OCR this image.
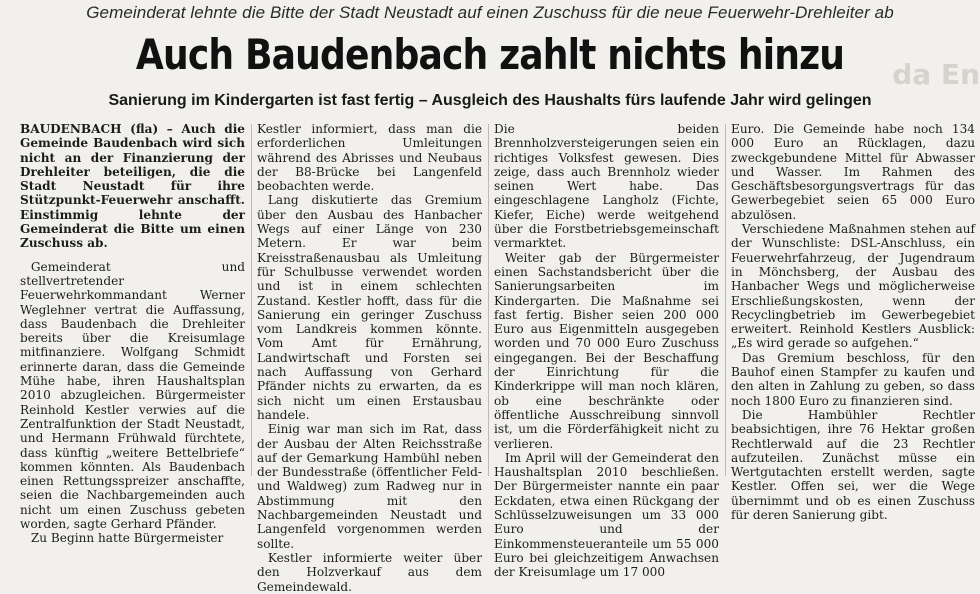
Gemeinderat lehnte die Bitte der Stadt Neustadt auf einen Zuschuss für die neue Feuerwehr-Drehleiter ab
da En
Auch Baudenbach zahlt nichts hinzu
Sanierung im Kindergarten ist fast fertig – Ausgleich des Haushalts fürs laufende Jahr wird gelingen

BAUDENBACH (fla) – Auch die Gemeinde Baudenbach wird sich nicht an der Finanzierung der Drehleiter beteiligen, die die Stadt Neustadt für ihre Stützpunkt-Feuerwehr anschafft. Einstimmig lehnte der Gemeinderat die Bitte um einen Zuschuss ab.

Gemeinderat und stellvertretender Feuerwehrkommandant Werner Weglehner vertrat die Auffassung, dass Baudenbach die Drehleiter bereits über die Kreisumlage mitfinanziere. Wolfgang Schmidt erinnerte daran, dass die Gemeinde Mühe habe, ihren Haushaltsplan 2010 abzugleichen. Bürgermeister Reinhold Kestler verwies auf die Zentralfunktion der Stadt Neustadt, und Hermann Frühwald fürchtete, dass künftig „weitere Bettelbriefe“ kommen könnten. Als Baudenbach einen Rettungsspreizer anschaffte, seien die Nachbargemeinden auch nicht um einen Zuschuss gebeten worden, sagte Gerhard Pfänder.

Zu Beginn hatte Bürgermeister

Kestler informiert, dass man die erforderlichen Umleitungen während des Abrisses und Neubaus der B8-Brücke bei Langenfeld beobachten werde.

Lang diskutierte das Gremium über den Ausbau des Hanbacher Wegs auf einer Länge von 230 Metern. Er war beim Kreisstraßenausbau als Umleitung für Schulbusse verwendet worden und ist in einem schlechten Zustand. Kestler hofft, dass für die Sanierung ein geringer Zuschuss vom Landkreis kommen könnte. Vom Amt für Ernährung, Landwirtschaft und Forsten sei nach Auffassung von Gerhard Pfänder nichts zu erwarten, da es sich nicht um einen Erstausbau handele.

Einig war man sich im Rat, dass der Ausbau der Alten Reichsstraße auf der Gemarkung Hambühl neben der Bundesstraße (öffentlicher Feld- und Waldweg) zum Radweg nur in Abstimmung mit den Nachbargemeinden Neustadt und Langenfeld vorgenommen werden sollte.

Kestler informierte weiter über den Holzverkauf aus dem Gemeindewald.

Die beiden Brennholzversteigerungen seien ein richtiges Volksfest gewesen. Dies zeige, dass auch Brennholz wieder seinen Wert habe. Das eingeschlagene Langholz (Fichte, Kiefer, Eiche) werde weitgehend über die Forstbetriebsgemeinschaft vermarktet.

Weiter gab der Bürgermeister einen Sachstandsbericht über die Sanierungsarbeiten im Kindergarten. Die Maßnahme sei fast fertig. Bisher seien 200 000 Euro aus Eigenmitteln ausgegeben worden und 70 000 Euro Zuschuss eingegangen. Bei der Beschaffung der Einrichtung für die Kinderkrippe will man noch klären, ob eine beschränkte oder öffentliche Ausschreibung sinnvoll ist, um die Förderfähigkeit nicht zu verlieren.

Im April will der Gemeinderat den Haushaltsplan 2010 beschließen. Der Bürgermeister nannte ein paar Eckdaten, etwa einen Rückgang der Schlüsselzuweisungen um 33 000 Euro und der Einkommensteueranteile um 55 000 Euro bei gleichzeitigem Anwachsen der Kreisumlage um 17 000

Euro. Die Gemeinde habe noch 134 000 Euro an Rücklagen, dazu zweckgebundene Mittel für Abwasser und Wasser. Im Rahmen des Geschäftsbesorgungsvertrags für das Gewerbegebiet seien 65 000 Euro abzulösen.

Verschiedene Maßnahmen stehen auf der Wunschliste: DSL-Anschluss, ein Feuerwehrfahrzeug, der Jugendraum in Mönchsberg, der Ausbau des Hanbacher Wegs und möglicherweise Erschließungskosten, wenn der Recyclingbetrieb im Gewerbegebiet erweitert. Reinhold Kestlers Ausblick: „Es wird gerade so aufgehen.“

Das Gremium beschloss, für den Bauhof einen Stampfer zu kaufen und den alten in Zahlung zu geben, so dass noch 1800 Euro zu finanzieren sind.

Die Hambühler Rechtler beabsichtigen, ihre 76 Hektar großen Rechtlerwald auf die 23 Rechtler aufzuteilen. Zunächst müsse ein Wertgutachten erstellt werden, sagte Kestler. Offen sei, wer die Wege übernimmt und ob es einen Zuschuss für deren Sanierung gibt.
